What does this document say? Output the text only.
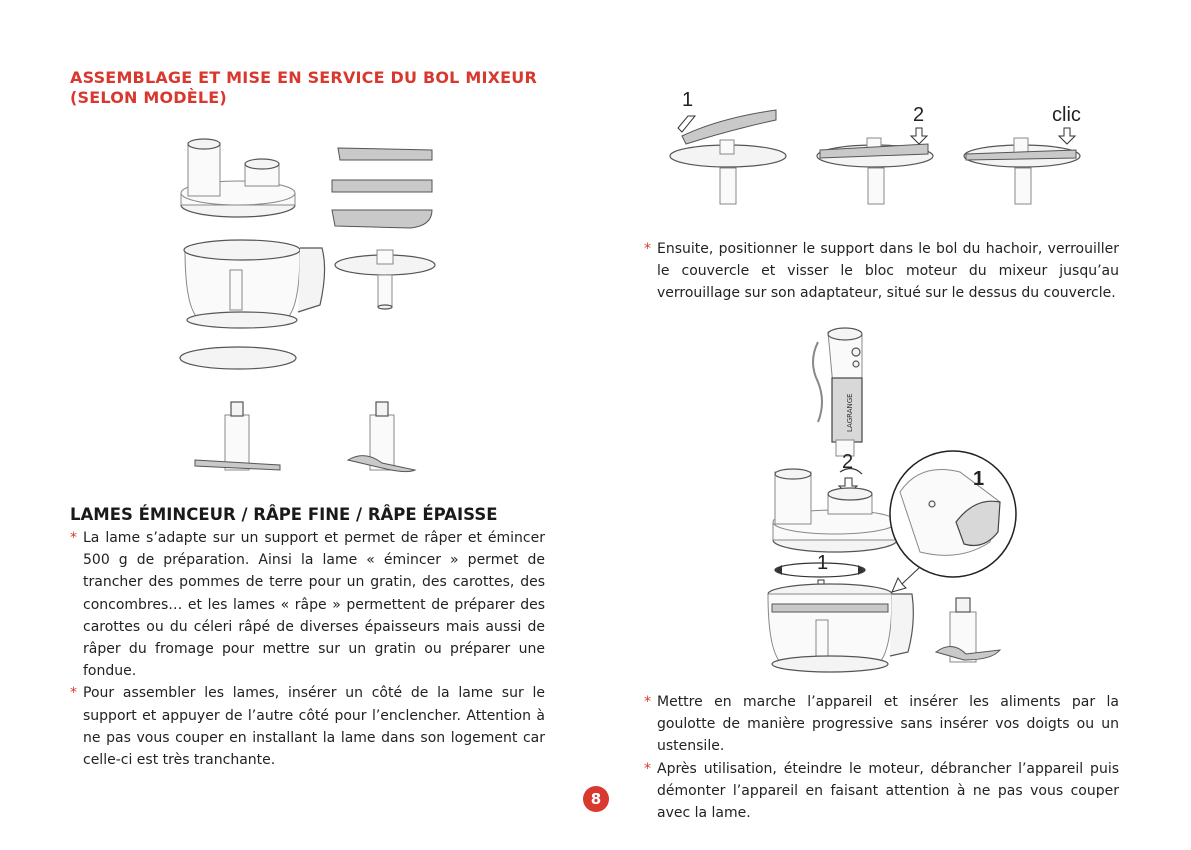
ASSEMBLAGE ET MISE EN SERVICE DU BOL MIXEUR
(SELON MODÈLE)
LAMES ÉMINCEUR / RÂPE FINE / RÂPE ÉPAISSE

* La lame s’adapte sur un support et permet de râper et émincer 500 g de préparation. Ainsi la lame « émincer » permet de trancher des pommes de terre pour un gratin, des carottes, des concombres… et les lames « râpe » permettent de préparer des carottes ou du céleri râpé de diverses épaisseurs mais aussi de râper du fromage pour mettre sur un gratin ou préparer une fondue.

* Pour assembler les lames, insérer un côté de la lame sur le support et appuyer de l’autre côté pour l’enclencher. Attention à ne pas vous couper en installant la lame dans son logement car celle-ci est très tranchante.

1
2	clic

* Ensuite, positionner le support dans le bol du hachoir, verrouiller le couvercle et visser le bloc moteur du mixeur jusqu’au verrouillage sur son adaptateur, situé sur le dessus du couvercle.

LAGRANGE
2
1
1

* Mettre en marche l’appareil et insérer les aliments par la goulotte de manière progressive sans insérer vos doigts ou un ustensile.

* Après utilisation, éteindre le moteur, débrancher l’appareil puis démonter l’appareil en faisant attention à ne pas vous couper avec la lame.

8
